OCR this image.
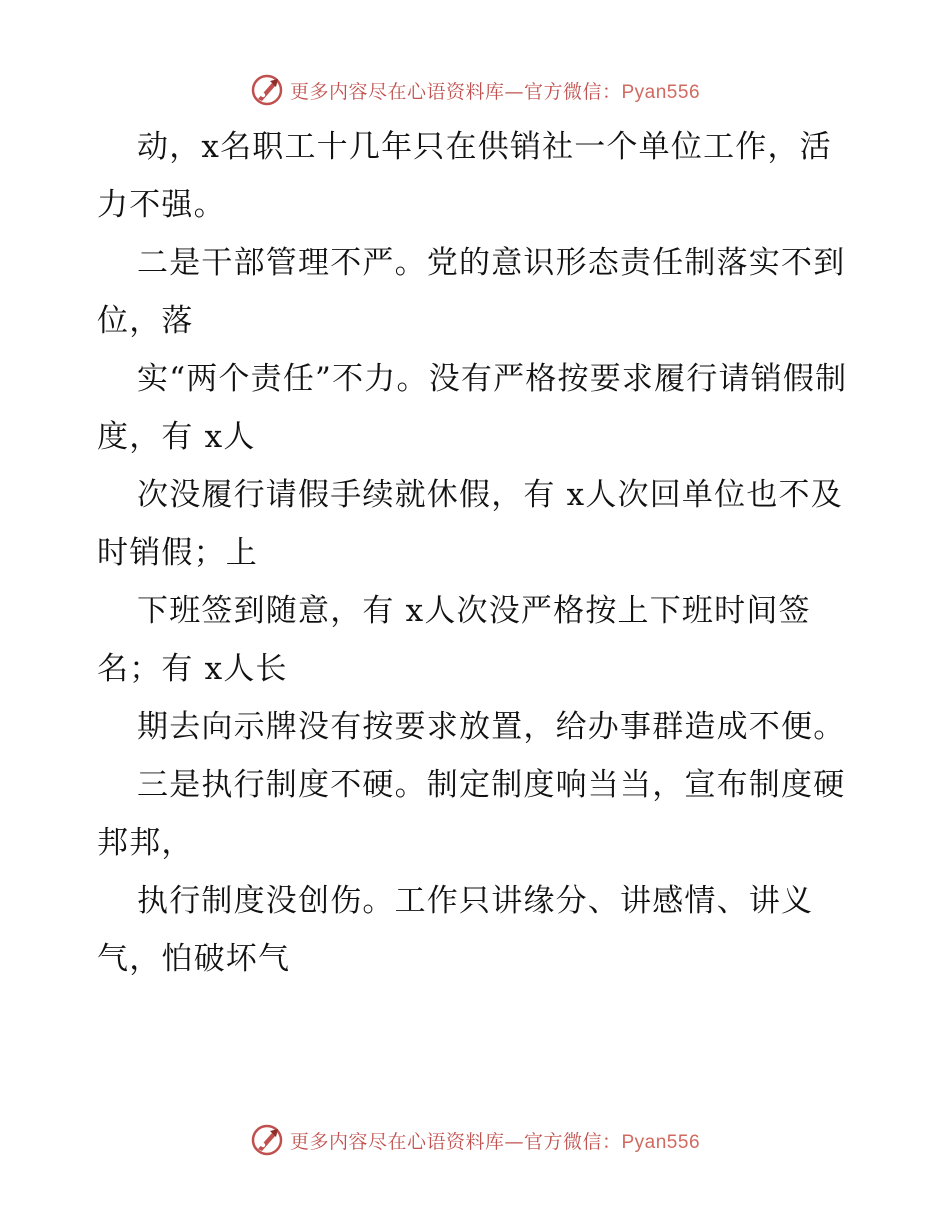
更多内容尽在心语资料库—官方微信：Pyan556

动，x名职工十几年只在供销社一个单位工作，活力不强。

二是干部管理不严。党的意识形态责任制落实不到位，落

实“两个责任”不力。没有严格按要求履行请销假制度，有 x人

次没履行请假手续就休假，有 x人次回单位也不及时销假；上

下班签到随意，有 x人次没严格按上下班时间签名；有 x人长

期去向示牌没有按要求放置，给办事群造成不便。

三是执行制度不硬。制定制度响当当，宣布制度硬邦邦，

执行制度没创伤。工作只讲缘分、讲感情、讲义气，怕破坏气

更多内容尽在心语资料库—官方微信：Pyan556
